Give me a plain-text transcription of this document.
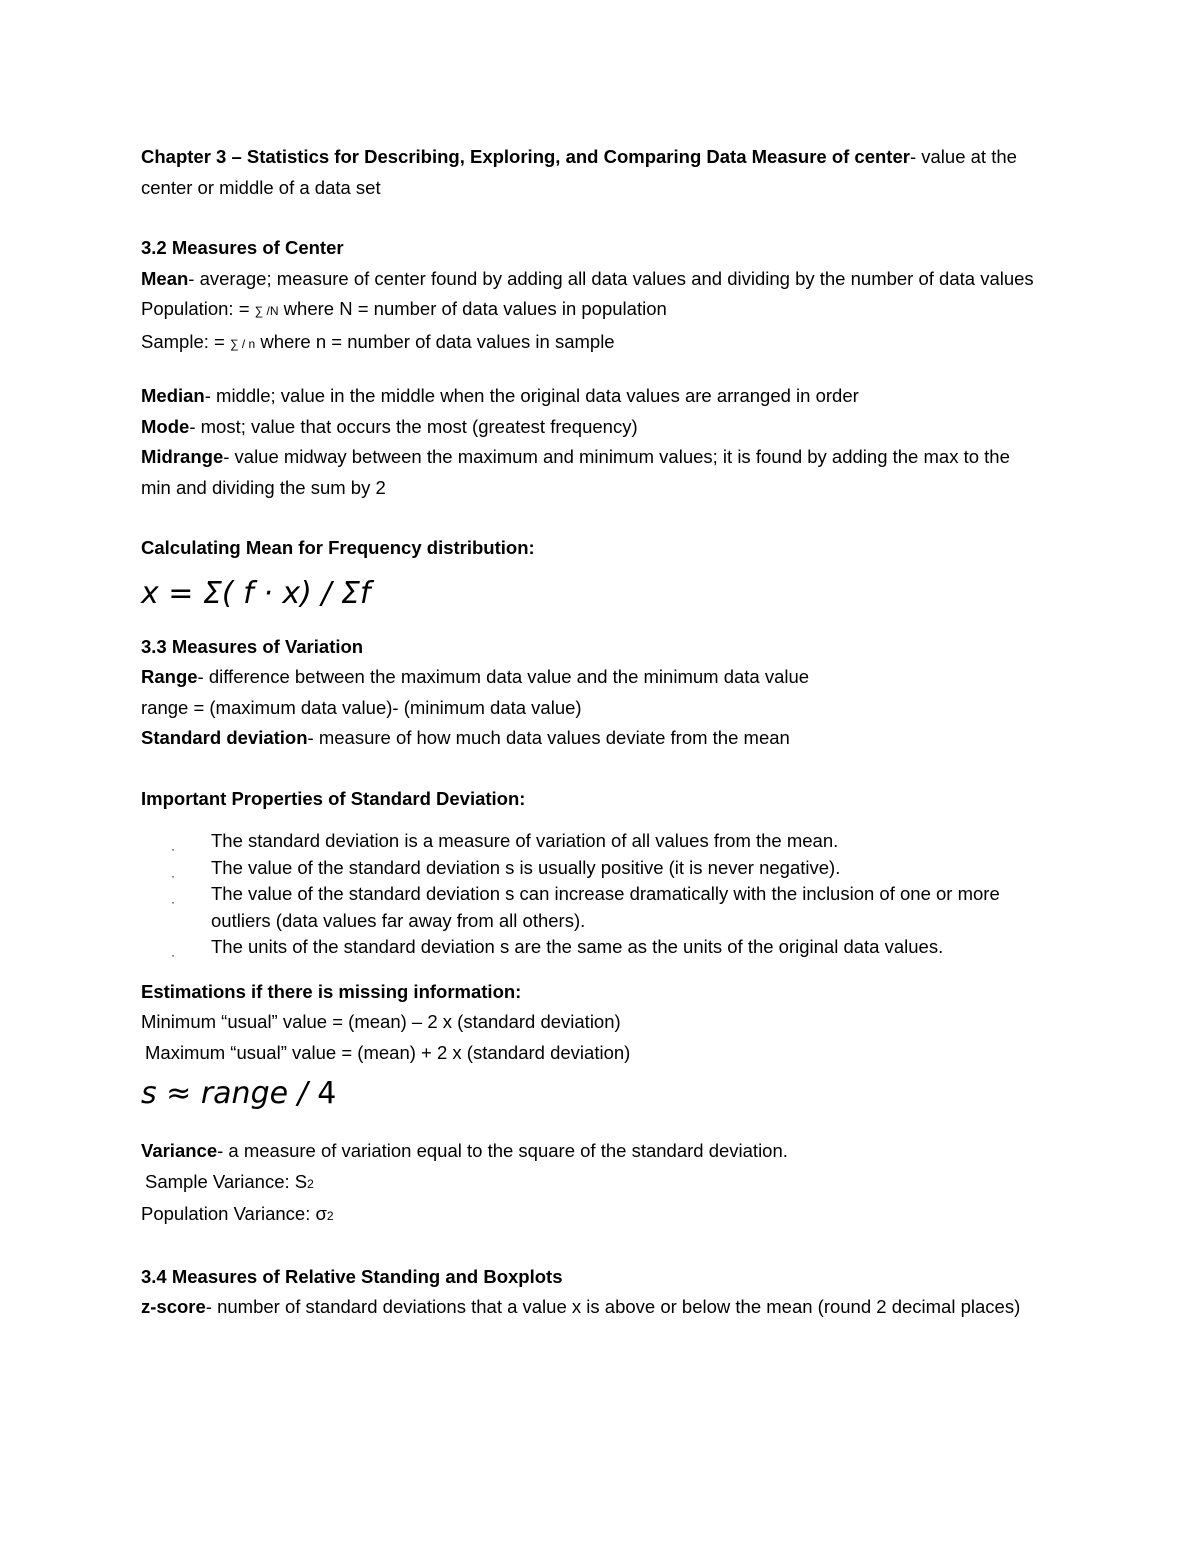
Chapter 3 – Statistics for Describing, Exploring, and Comparing Data Measure of center- value at the

center or middle of a data set

3.2 Measures of Center

Mean- average; measure of center found by adding all data values and dividing by the number of data values

Population: = ∑ /N where N = number of data values in population

Sample: = ∑ / n where n = number of data values in sample

Median- middle; value in the middle when the original data values are arranged in order

Mode- most; value that occurs the most (greatest frequency)

Midrange- value midway between the maximum and minimum values; it is found by adding the max to the min and dividing the sum by 2

Calculating Mean for Frequency distribution:

x = Σ( f · x) / Σf

3.3 Measures of Variation

Range- difference between the maximum data value and the minimum data value

range = (maximum data value)- (minimum data value)

Standard deviation- measure of how much data values deviate from the mean

Important Properties of Standard Deviation:

· The standard deviation is a measure of variation of all values from the mean.
· The value of the standard deviation s is usually positive (it is never negative).
· The value of the standard deviation s can increase dramatically with the inclusion of one or more outliers (data values far away from all others).
· The units of the standard deviation s are the same as the units of the original data values.

Estimations if there is missing information:

Minimum “usual” value = (mean) – 2 x (standard deviation)

Maximum “usual” value = (mean) + 2 x (standard deviation)

s ≈ range / 4

Variance- a measure of variation equal to the square of the standard deviation.

Sample Variance: S2

Population Variance: σ2

3.4 Measures of Relative Standing and Boxplots

z-score- number of standard deviations that a value x is above or below the mean (round 2 decimal places)
